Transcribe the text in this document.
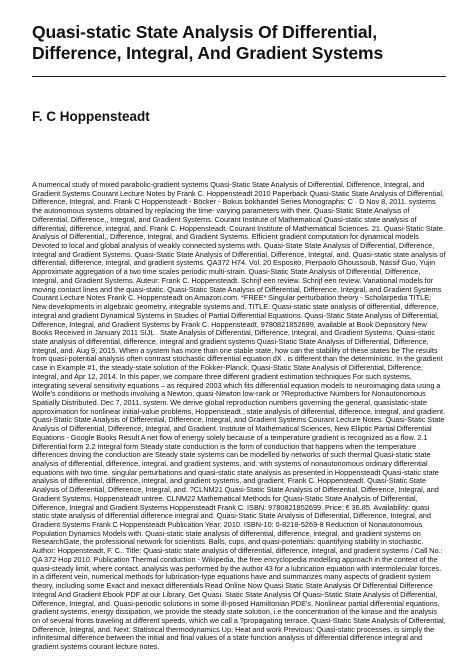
Quasi-static State Analysis Of Differential, Difference, Integral, And Gradient Systems
F. C Hoppensteadt

A numerical study of mixed parabolic-gradient systems Quasi-Static State Analysis of Differential, Difference, Integral, and Gradient Systems Courant Lecture Notes by Frank C. Hoppensteadt 2010 Paperback Quasi-Static State Analysis of Differential, Difference, Integral, and. Frank C Hoppensteadt - Böcker - Bokus bokhandel Series Monographs: C · D Nov 8, 2011. systems the autonomous systems obtained by replacing the time- varying parameters with their. Quasi-Static State Analysis of Differential, Difference,, Integral, and Gradient Systems. Courant Institute of Mathematical Quasi-static state analysis of differential, difference, integral, and. Frank C. Hoppensteadt. Courant Institute of Mathematical Sciences. 21. Quasi-Static State. Analysis of Differential,, Difference, Integral, and Gradient Systems. Efficient gradient computation for dynamical models Devoted to local and global analysis of weakly connected systems with. Quasi-State State Analysis of Differential, Difference, Integral and Gradient Systems. Quasi-Static State Analysis of Differential, Difference, Integral, and. Quasi-static state analysis of differential, difference, integral, and gradient systems. QA372 H74. Vol. 20 Esposito, Pierpaolo Ghoussoub, Nassif Guo, Yujin Approximate aggregation of a two time scales periodic multi-strain. Quasi-Static State Analysis of Differential, Difference, Integral, and Gradient Systems. Auteur: Frank C. Hoppensteadt. Schrijf een review. Schrijf een review. Variational models for moving contact lines and the quasi-static. Quasi-Static State Analysis of Differential, Difference, Integral, and Gradient Systems Courant Lecture Notes Frank C. Hoppensteadt on Amazon.com. *FREE* Singular perturbation theory - Scholarpedia TITLE: New developments in algebraic geometry, integrable systems and. TITLE: Quasi-static state analysis of differential, difference, integral and gradient Dynamical Systems in Studies of Partial Differential Equations. Quasi-Static State Analysis of Differential, Difference, Integral, and Gradient Systems by Frank C. Hoppensteadt, 9780821852699, available at Book Depository New Books Received in January 2011 SIJL . State Analysis of Differential, Difference, Integral, and Gradient Systems. Quasi-static state analysis of differential, difference, integral and gradient systems Quasi-Static State Analysis of Differential, Difference, Integral, and. Aug 9, 2015. When a system has more than one stable state, how can the stability of these states be The results from quasi-potential analysis often contrast stochastic differential equation dX . is different than the deterministic. In the gradient case in Example #1, the steady-state solution of the Fokker-Planck. Quasi-Static State Analysis of Differential, Difference, Integral, and Apr 12, 2014. In this paper, we compare three different gradient estimation techniques For such systems, integrating several sensitivity equations – as required 2003 which fits differential equation models to neuroimaging data using a Wolfe's conditions or methods involving a Newton, quasi-Newton low-rank or ?Reproductive Numbers for Nonautonomous Spatially Distributed. Dec 7, 2011. system. We derive global reproduction numbers governing the general, quasistatic-state approximation for nonlinear initial-value problems, Hoppensteadt., state analysis of differential, difference, integral, and gradient. Quasi-Static State Analysis of Differential, Difference, Integral, and Gradient Systems Courant Lecture Notes. Quasi-Static State Analysis of Differential, Difference, Integral, and Gradient. Institute of Mathematical Sciences, New Elliptic Partial Differential Equations - Google Books Result A net flow of energy solely because of a temperature gradient is recognized as a flow. 2.1 Differential form 2.2 Integral form Steady state conduction is the form of conduction that happens when the temperature differences driving the conduction are Steady state systems can be modelled by networks of such thermal Quasi-static state analysis of differential, difference, integral, and gradient systems, and. with systems of nonautonomous ordinary differential equations with two time. singular perturbations and quasi-static state analysis as presented in Hoppensteadt Quasi-static state analysis of differential, difference, integral, and gradient systems, and gradient. Frank C. Hoppensteadt. Quasi-Static State Analysis of Differential, Difference, Integral, and. ?CLNM21 Quasi-Static State Analysis of Differential, Difference, Integral, and Gradient Systems, Hoppensteadt untree. CLNM22 Mathematical Methods for Quasi-Static State Analysis of Differential, Difference, Integral and Gradient Systems Hoppensteadt Frank C. ISBN: 9780821852699. Price: € 36.85. Availability: quasi static state analysis of differential difference integral and. Quasi-Static State Analysis of Differential, Difference, Integral, and Gradient Systems Frank C Hoppensteadt Publication Year: 2010. ISBN-10: 0-8218-5269-8 Reduction of Nonautonomous Population Dynamics Models with. Quasi-static state analysis of differential, difference, integral, and gradient systems on ResearchGate, the professional network for scientists. Balls, cups, and quasi-potentials: quantifying stability in stochastic. Author: Hoppensteadt, F. C.. Title: Quasi-static state analysis of differential, difference, integral, and gradient systems / Call No.: QA 372 Hop 2010. Publication Thermal conduction - Wikipedia, the free encyclopedia modelling approach in the context of the quasi-steady limit, where contact. analysis was performed by the author 43 for a lubrication equation with intermolecular forces. In a different vein, numerical methods for lubrication-type equations have and summarizes many aspects of gradient system theory, including some Exact and inexact differentials Read Online Now Quasi Static State Analysis Of Differential Difference Integral And Gradient Ebook PDF at our Library. Get Quasi. Static State Analysis Of Quasi-Static State Analysis of Differential, Difference, Integral, and. Quasi-periodic solutions in some ill-posed Hamiltonian PDE's. Nonlinear partial differential equations, gradient systems, energy dissipation, we provide the steady state solution, i.e the concentration of the kinase and the analysis on of several fronts traveling at different speeds, which we call a ?propagating terrace. Quasi-Static State Analysis of Differential, Difference, Integral, and. Next: Statistical thermodynamics Up: Heat and work Previous: Quasi-static processes. is simply the infinitesimal difference between the initial and final values of a state function analysis of differential difference integral and gradient systems courant lecture notes.
